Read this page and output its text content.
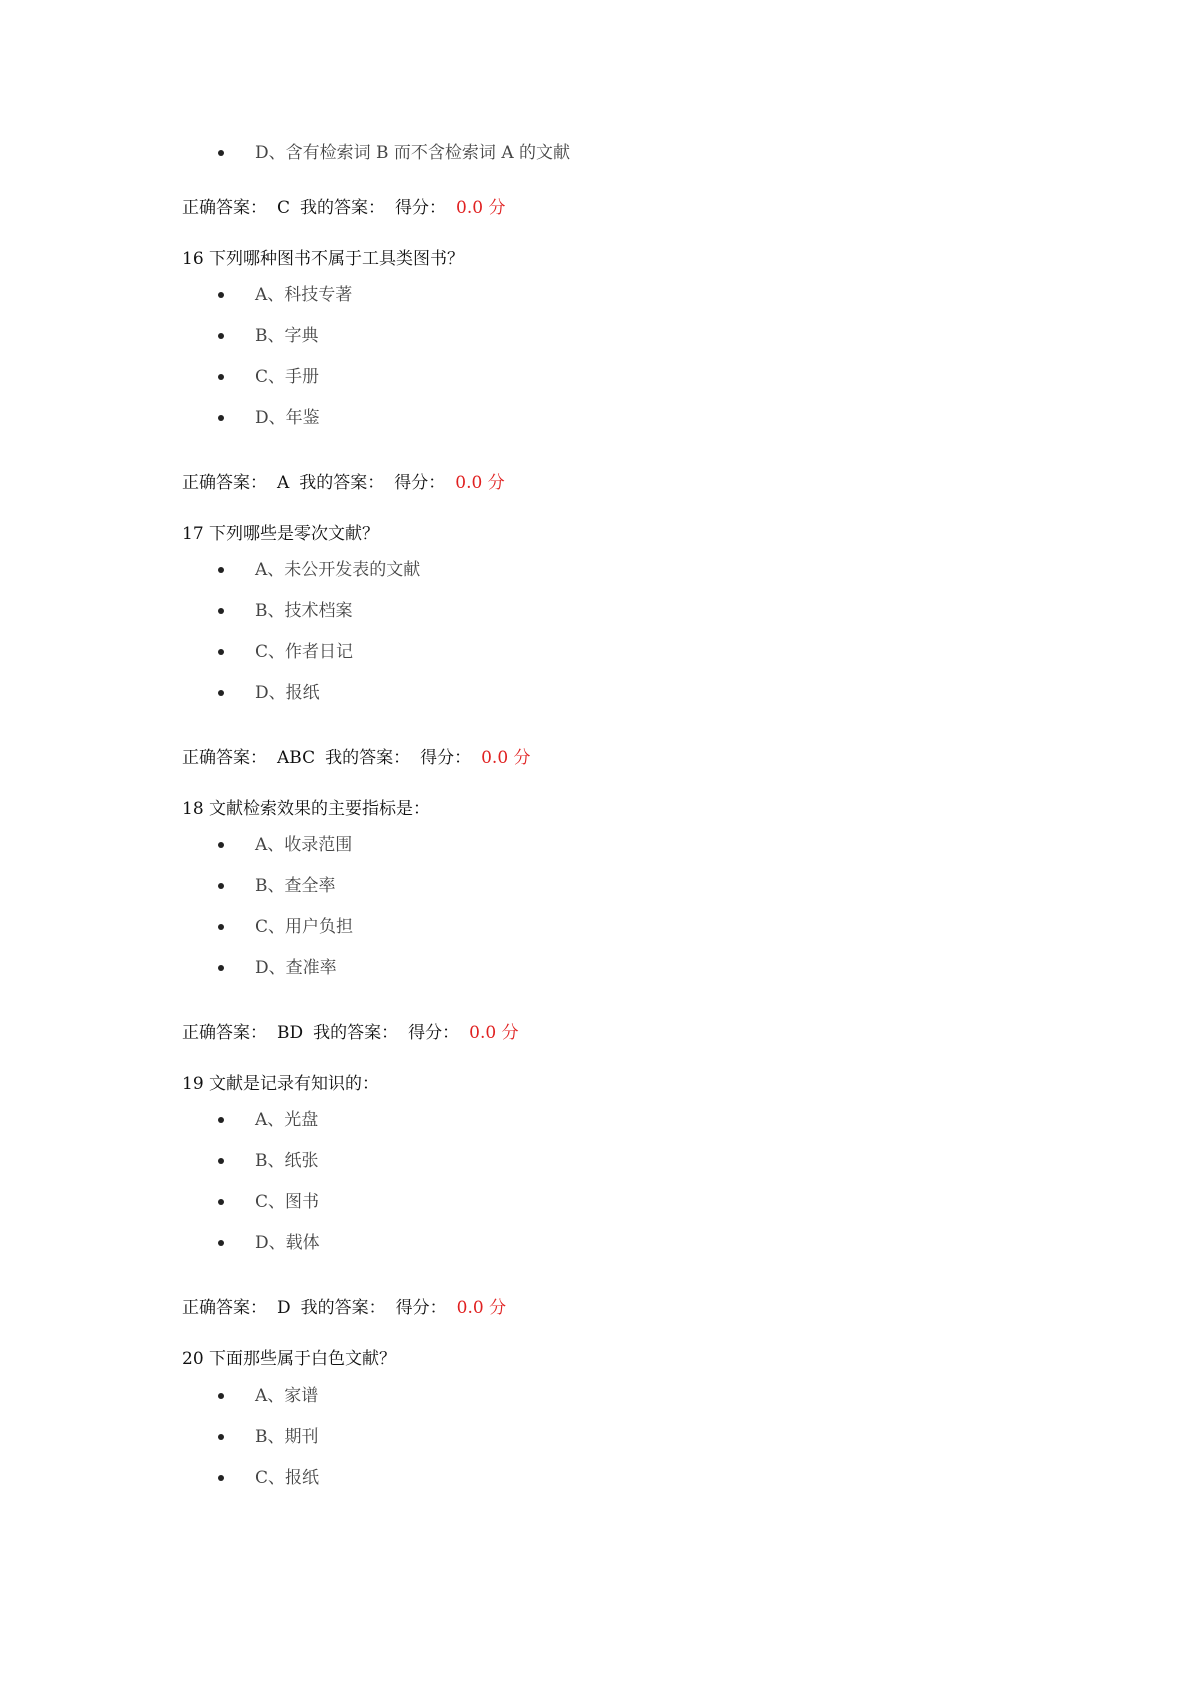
D、含有检索词 B 而不含检索词 A 的文献
正确答案： C 我的答案： 得分： 0.0 分
16 下列哪种图书不属于工具类图书？
A、科技专著
B、字典
C、手册
D、年鉴
正确答案： A 我的答案： 得分： 0.0 分
17 下列哪些是零次文献？
A、未公开发表的文献
B、技术档案
C、作者日记
D、报纸
正确答案： ABC 我的答案： 得分： 0.0 分
18 文献检索效果的主要指标是：
A、收录范围
B、查全率
C、用户负担
D、查准率
正确答案： BD 我的答案： 得分： 0.0 分
19 文献是记录有知识的：
A、光盘
B、纸张
C、图书
D、载体
正确答案： D 我的答案： 得分： 0.0 分
20 下面那些属于白色文献？
A、家谱
B、期刊
C、报纸
